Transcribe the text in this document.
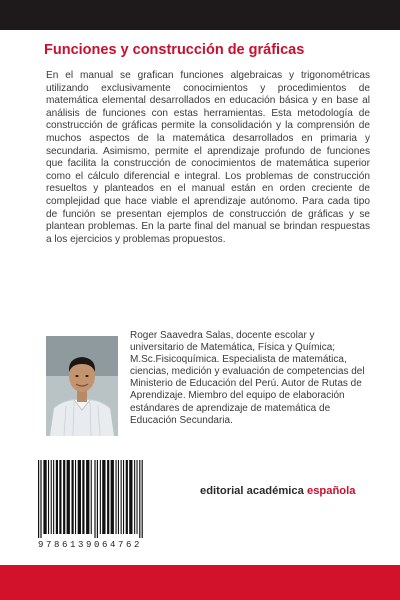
Funciones y construcción de gráficas

En el manual se grafican funciones algebraicas y trigonométricas utilizando exclusivamente conocimientos y procedimientos de matemática elemental desarrollados en educación básica y en base al análisis de funciones con estas herramientas. Esta metodología de construcción de gráficas permite la consolidación y la comprensión de muchos aspectos de la matemática desarrollados en primaria y secundaria. Asimismo, permite el aprendizaje profundo de funciones que facilita la construcción de conocimientos de matemática superior como el cálculo diferencial e integral. Los problemas de construcción resueltos y planteados en el manual están en orden creciente de complejidad que hace viable el aprendizaje autónomo. Para cada tipo de función se presentan ejemplos de construcción de gráficas y se plantean problemas. En la parte final del manual se brindan respuestas a los ejercicios y problemas propuestos.

Roger Saavedra Salas, docente escolar y universitario de Matemática, Física y Química; M.Sc.Fisicoquímica. Especialista de matemática, ciencias, medición y evaluación de competencias del Ministerio de Educación del Perú. Autor de Rutas de Aprendizaje. Miembro del equipo de elaboración estándares de aprendizaje de matemática de Educación Secundaria.

9786139064762

editorial académica española
